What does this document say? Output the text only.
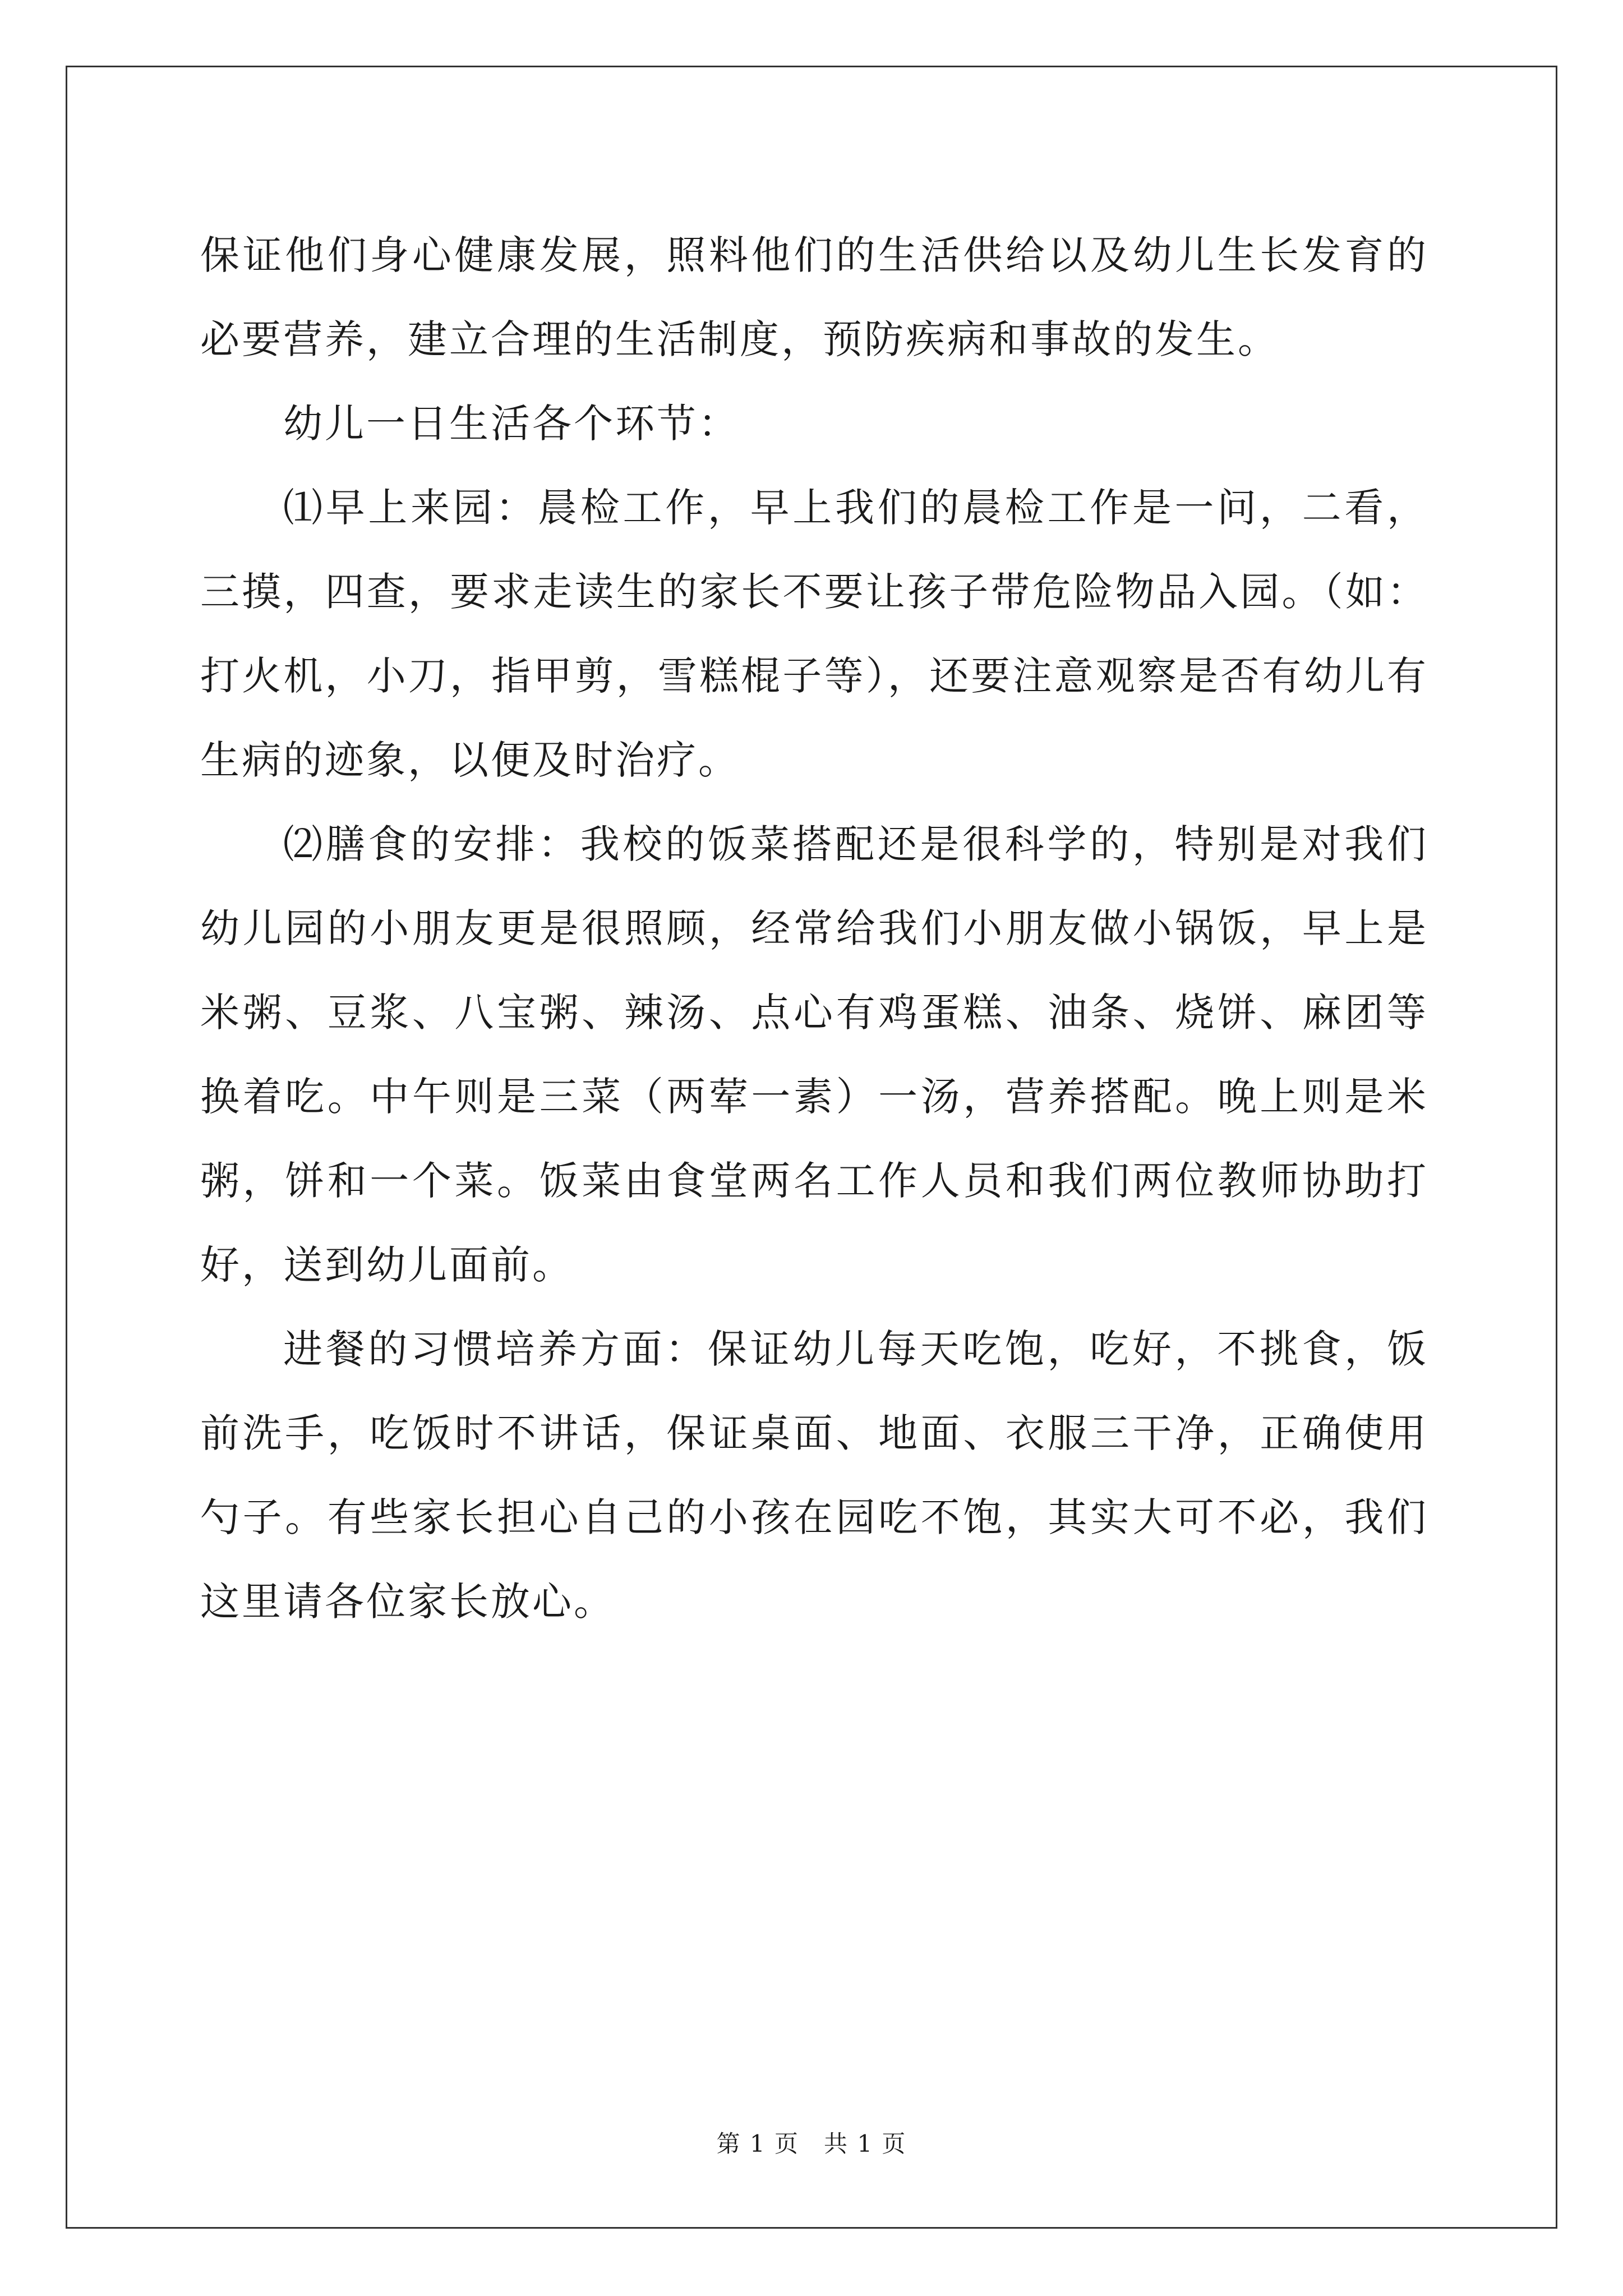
保证他们身心健康发展，照料他们的生活供给以及幼儿生长发育的必要营养，建立合理的生活制度，预防疾病和事故的发生。

幼儿一日生活各个环节：

⑴早上来园：晨检工作，早上我们的晨检工作是一问，二看，三摸，四查，要求走读生的家长不要让孩子带危险物品入园。（如：打火机，小刀，指甲剪，雪糕棍子等），还要注意观察是否有幼儿有生病的迹象，以便及时治疗。

⑵膳食的安排：我校的饭菜搭配还是很科学的，特别是对我们幼儿园的小朋友更是很照顾，经常给我们小朋友做小锅饭，早上是米粥、豆浆、八宝粥、辣汤、点心有鸡蛋糕、油条、烧饼、麻团等换着吃。中午则是三菜（两荤一素）一汤，营养搭配。晚上则是米粥，饼和一个菜。饭菜由食堂两名工作人员和我们两位教师协助打好，送到幼儿面前。

进餐的习惯培养方面：保证幼儿每天吃饱，吃好，不挑食，饭前洗手，吃饭时不讲话，保证桌面、地面、衣服三干净，正确使用勺子。有些家长担心自己的小孩在园吃不饱，其实大可不必，我们这里请各位家长放心。

第 1 页　共 1 页
